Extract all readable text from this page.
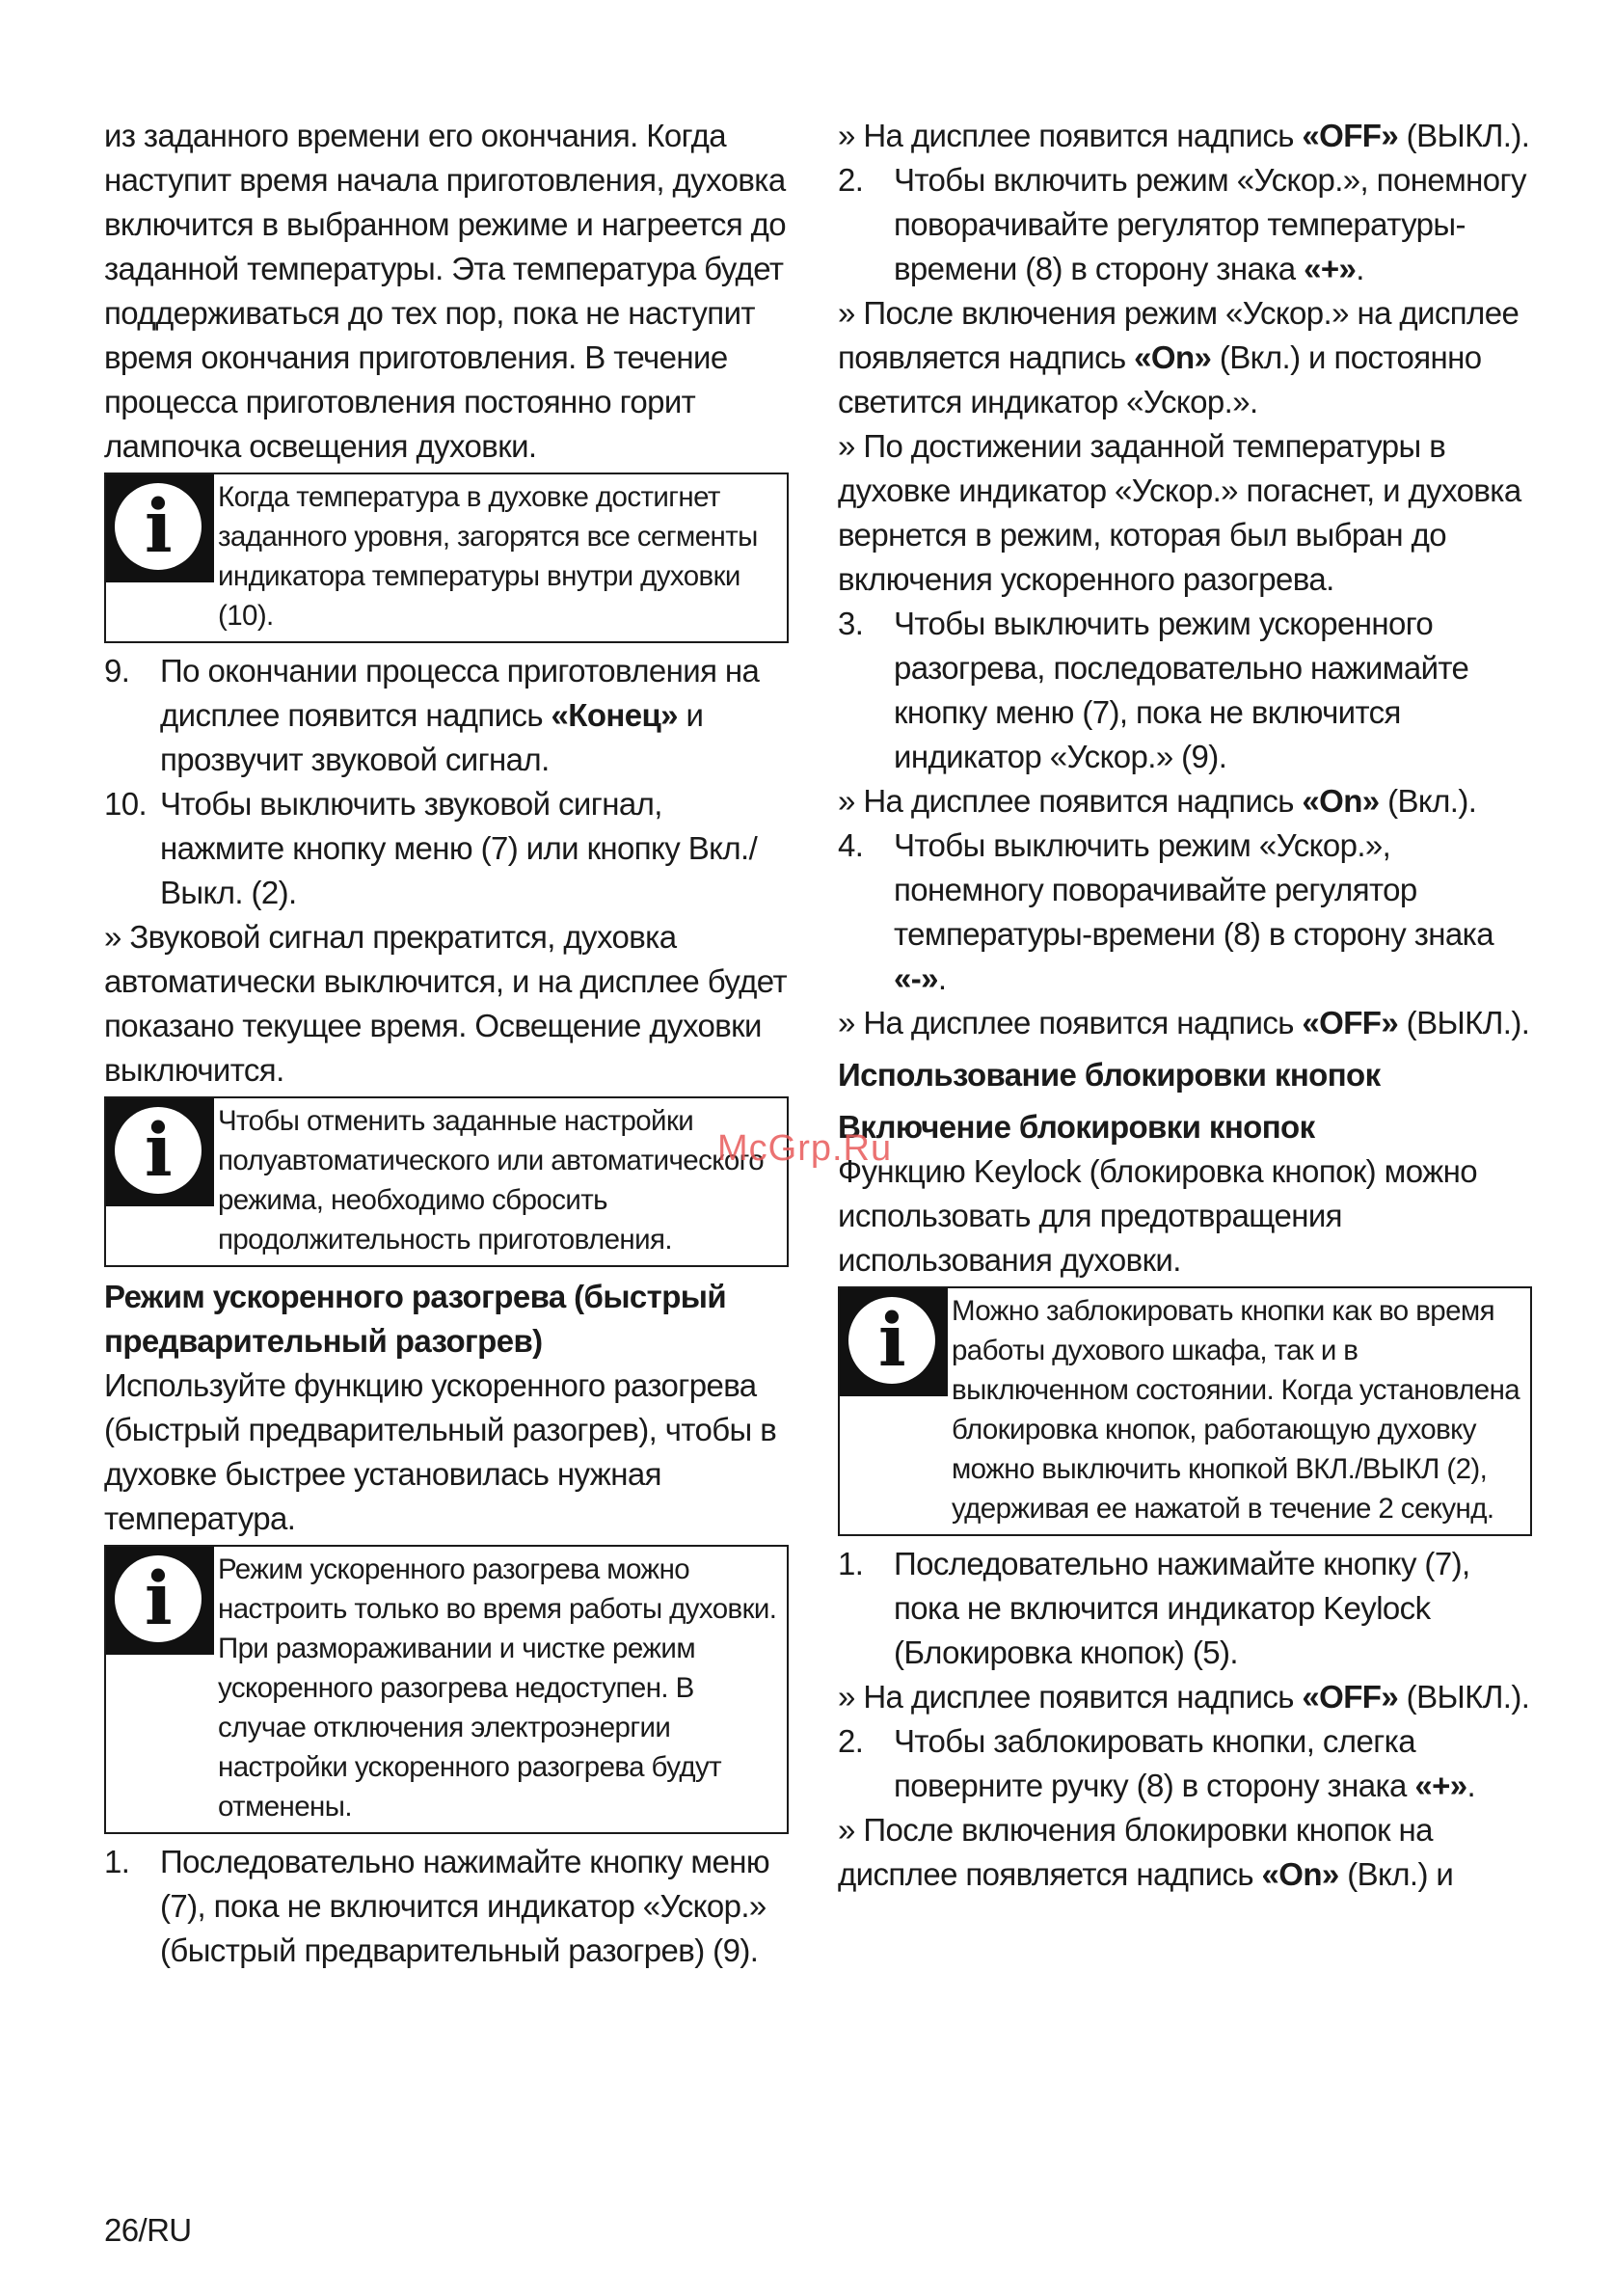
из заданного времени его окончания. Когда наступит время начала приготовления, духовка включится в выбранном режиме и нагреется до заданной температуры. Эта температура будет поддерживаться до тех пор, пока не наступит время окончания приготовления. В течение процесса приготовления постоянно горит лампочка освещения духовки.

i	Когда температура в духовке достигнет заданного уровня, загорятся все сегменты индикатора температуры внутри духовки (10).
9. По окончании процесса приготовления на дисплее появится надпись «Конец» и прозвучит звуковой сигнал.
10. Чтобы выключить звуковой сигнал, нажмите кнопку меню (7) или кнопку Вкл./Выкл. (2).

» Звуковой сигнал прекратится, духовка автоматически выключится, и на дисплее будет показано текущее время. Освещение духовки выключится.

i	Чтобы отменить заданные настройки полуавтоматического или автоматического режима, необходимо сбросить продолжительность приготовления.
Режим ускоренного разогрева (быстрый предварительный разогрев)

Используйте функцию ускоренного разогрева (быстрый предварительный разогрев), чтобы в духовке быстрее установилась нужная температура.

i	Режим ускоренного разогрева можно настроить только во время работы духовки. При размораживании и чистке режим ускоренного разогрева недоступен. В случае отключения электроэнергии настройки ускоренного разогрева будут отменены.
1. Последовательно нажимайте кнопку меню (7), пока не включится индикатор «Ускор.» (быстрый предварительный разогрев) (9).

» На дисплее появится надпись «OFF» (ВЫКЛ.).

2. Чтобы включить режим «Ускор.», понемногу поворачивайте регулятор температуры-времени (8) в сторону знака «+».

» После включения режим «Ускор.» на дисплее появляется надпись «On» (Вкл.) и постоянно светится индикатор «Ускор.».

» По достижении заданной температуры в духовке индикатор «Ускор.» погаснет, и духовка вернется в режим, которая был выбран до включения ускоренного разогрева.

3. Чтобы выключить режим ускоренного разогрева, последовательно нажимайте кнопку меню (7), пока не включится индикатор «Ускор.» (9).

» На дисплее появится надпись «On» (Вкл.).

4. Чтобы выключить режим «Ускор.», понемногу поворачивайте регулятор температуры-времени (8) в сторону знака «-».

» На дисплее появится надпись «OFF» (ВЫКЛ.).

Использование блокировки кнопок
Включение блокировки кнопок

Функцию Keylock (блокировка кнопок) можно использовать для предотвращения использования духовки.

i	Можно заблокировать кнопки как во время работы духового шкафа, так и в выключенном состоянии. Когда установлена блокировка кнопок, работающую духовку можно выключить кнопкой ВКЛ./ВЫКЛ (2), удерживая ее нажатой в течение 2 секунд.
1. Последовательно нажимайте кнопку (7), пока не включится индикатор Keylock (Блокировка кнопок) (5).

» На дисплее появится надпись «OFF» (ВЫКЛ.).

2. Чтобы заблокировать кнопки, слегка поверните ручку (8) в сторону знака «+».

» После включения блокировки кнопок на дисплее появляется надпись «On» (Вкл.) и

McGrp.Ru
26/RU
